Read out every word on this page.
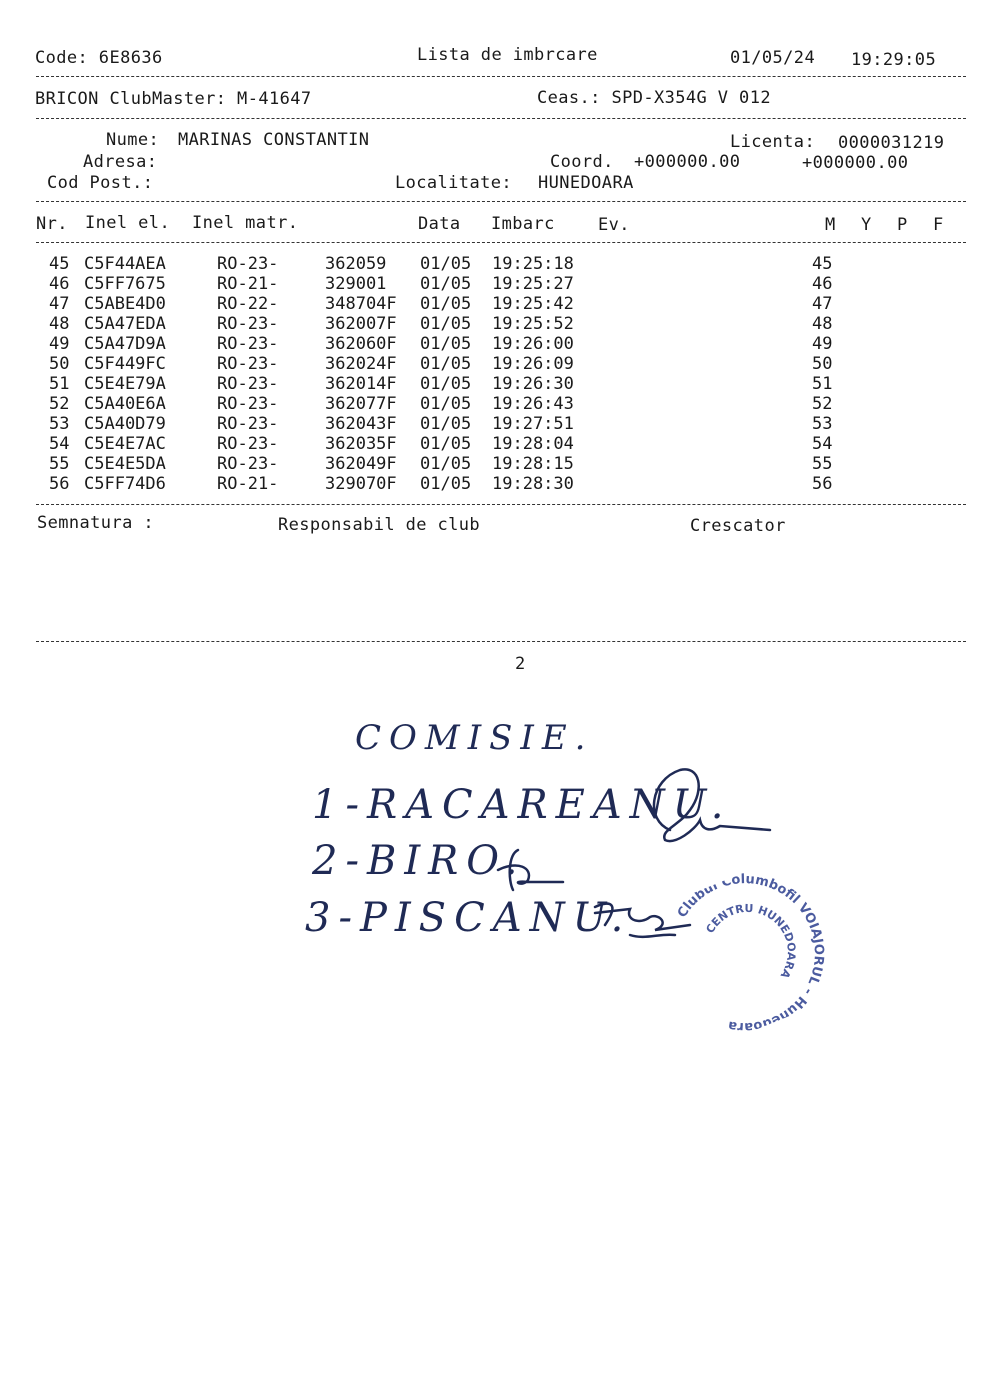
Code: 6E8636	Lista de imbrcare	01/05/24 19:29:05
BRICON ClubMaster: M-41647	Ceas.: SPD-X354G V 012
Nume: MARINAS CONSTANTIN	Licenta: 0000031219
Adresa:	Coord. +000000.00	+000000.00
Cod Post.:	Localitate: HUNEDOARA
Nr. Inel el. Inel matr.	Data Imbarc	Ev.	M Y P F
45 C5F44AEA	RO-23-	362059 01/05 19:25:18	45
46 C5FF7675	RO-21-	329001 01/05 19:25:27	46
47 C5ABE4D0	RO-22-	348704F 01/05 19:25:42	47
48 C5A47EDA	RO-23-	362007F 01/05 19:25:52	48
49 C5A47D9A	RO-23-	362060F 01/05 19:26:00	49
50 C5F449FC	RO-23-	362024F 01/05 19:26:09	50
51 C5E4E79A	RO-23-	362014F 01/05 19:26:30	51
52 C5A40E6A	RO-23-	362077F 01/05 19:26:43	52
53 C5A40D79	RO-23-	362043F 01/05 19:27:51	53
54 C5E4E7AC	RO-23-	362035F 01/05 19:28:04	54
55 C5E4E5DA	RO-23-	362049F 01/05 19:28:15	55
56 C5FF74D6	RO-21-	329070F 01/05 19:28:30	56
Semnatura :	Responsabil de club	Crescator
2
COMISIE.
1-RACAREANU.
2-BIRO.
3-PISCANU.	Clubul Columbofil VOIAJORUL - Hunedoara
CENTRU HUNEDOARA
